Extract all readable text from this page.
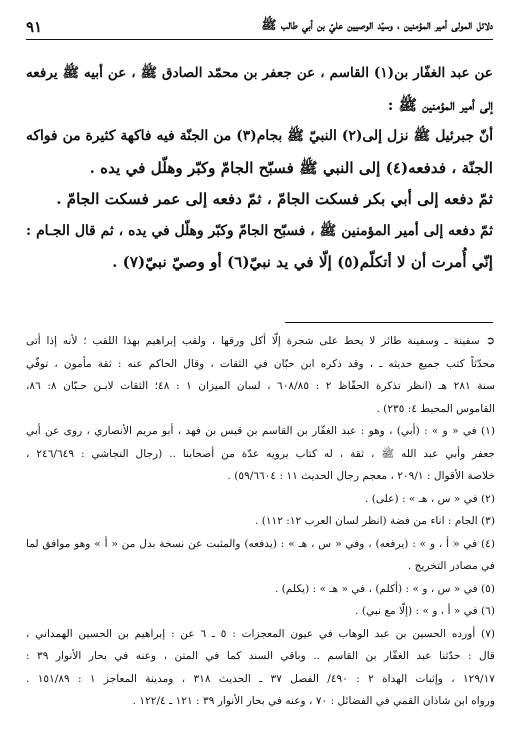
دلائل المولى أمير المؤمنين ، وسيّد الوصيين عليّ بن أبي طالب ﷺ
٩١
عن عبد الغفّار بن(١) القاسم ، عن جعفر بن محمّد الصادق ﷺ ، عن أبيه ﷺ يرفعه
إلى أمير المؤمنين ﷺ :
أنّ جبرئيل ﷺ نزل إلى(٢) النبيّ ﷺ بجام(٣) من الجنّة فيه فاكهة كثيرة من فواكه
الجنّة ، فدفعه(٤) إلى النبي ﷺ فسبّح الجامّ وكبّر وهلّل في يده .
ثمّ دفعه إلى أبي بكر فسكت الجامّ ، ثمّ دفعه إلى عمر فسكت الجامّ .
ثمّ دفعه إلى أمير المؤمنين ﷺ ، فسبّح الجامّ وكبّر وهلّل في يده ، ثم قال الجـام :
إنّي أُمرت أن لا أتكلّم(٥) إلّا في يد نبيّ(٦) أو وصيّ نبيّ(٧) .
➲سفينة ـ وسفينة طائر لا يحط على شجرة إلّا أكل ورقها ، ولقب إبراهيم بهذا اللقب ؛ لأنه إذا أتى
محدّثاً كتب جميع حديثه ـ ، وقد ذكره ابن حبّان في الثقات ، وقال الحاكم عنه : ثقة مأمون ، توفّي
سنة ٢٨١ هـ (انظر تذكرة الحفّاظ ٢ : ٦٠٨/٨٥ ، لسان الميزان ١ : ٤٨؛ الثقات لابـن حـبّان ٨: ٨٦،
القاموس المحيط ٤: ٢٣٥) .
(١) في « و » : (أبي) ، وهو : عبد الغفّار بن القاسم بن قيس بن فهد ، أبو مريم الأنصاري ، روى عن أبي
جعفر وأبي عبد الله ﷺ ، ثقة ، له كتاب يرويه عدّة من أصحابنا .. (رجال النجاشي : ٢٤٦/٦٤٩ ،
خلاصة الأقوال : ٢٠٩/١ ، معجم رجال الحديث ١١ : ٥٩/٦٦٠٤) .
(٢) في « س ، هـ » : (على) .
(٣) الجام : اناء من فضة (انظر لسان العرب ١٢: ١١٢) .
(٤) في « أ ، و » : (يرفعه) ، وفي « س ، هـ » : (يدفعه) والمثبت عن نسخة بدل من « أ » وهو موافق لما
في مصادر التخريج .
(٥) في « س ، و » : (أكلم) ، في « هـ » : (يكلم) .
(٦) في « أ ، و » : (إلّا مع نبي) .
(٧) أورده الحسين بن عبد الوهاب في عيون المعجزات : ٥ ـ ٦ عن : إبراهيم بن الحسين الهمداني ،
قال : حدّثنا عبد الغفّار بن القاسم .. وباقي السند كما في المتن ، وعنه في بحار الأنوار ٣٩ :
١٢٩/١٧ ، وإثبات الهداة ٢ : ٤٩٠/ الفصل ٣٧ ـ الحديث ٣١٨ ، ومدينة المعاجز ١ : ١٥١/٨٩ .
ورواه ابن شاذان القمي في الفضائل : ٧٠ ، وعنه في بحار الأنوار ٣٩ : ١٢١ ـ ١٢٢/٤ .
